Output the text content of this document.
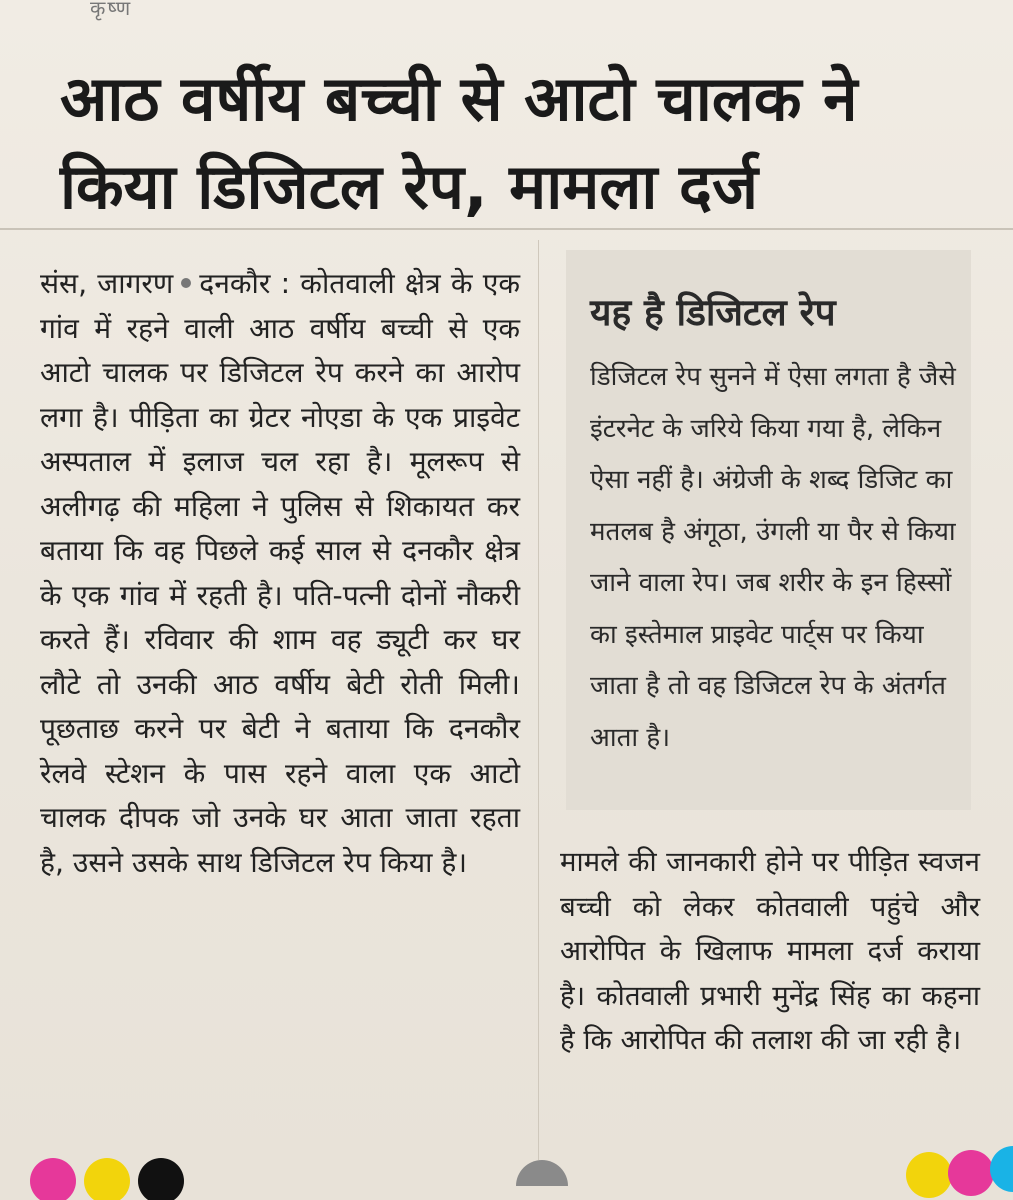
कृष्ण
आठ वर्षीय बच्ची से आटो चालक ने
किया डिजिटल रेप, मामला दर्ज
संस, जागरण दनकौर : कोतवाली क्षेत्र के एक गांव में रहने वाली आठ वर्षीय बच्ची से एक आटो चालक पर डिजिटल रेप करने का आरोप लगा है। पीड़िता का ग्रेटर नोएडा के एक प्राइवेट अस्पताल में इलाज चल रहा है। मूलरूप से अलीगढ़ की महिला ने पुलिस से शिकायत कर बताया कि वह पिछले कई साल से दनकौर क्षेत्र के एक गांव में रहती है। पति-पत्नी दोनों नौकरी करते हैं। रविवार की शाम वह ड्यूटी कर घर लौटे तो उनकी आठ वर्षीय बेटी रोती मिली। पूछताछ करने पर बेटी ने बताया कि दनकौर रेलवे स्टेशन के पास रहने वाला एक आटो चालक दीपक जो उनके घर आता जाता रहता है, उसने उसके साथ डिजिटल रेप किया है।
यह है डिजिटल रेप
डिजिटल रेप सुनने में ऐसा लगता है जैसे इंटरनेट के जरिये किया गया है, लेकिन ऐसा नहीं है। अंग्रेजी के शब्द डिजिट का मतलब है अंगूठा, उंगली या पैर से किया जाने वाला रेप। जब शरीर के इन हिस्सों का इस्तेमाल प्राइवेट पार्ट्स पर किया जाता है तो वह डिजिटल रेप के अंतर्गत आता है।
मामले की जानकारी होने पर पीड़ित स्वजन बच्ची को लेकर कोतवाली पहुंचे और आरोपित के खिलाफ मामला दर्ज कराया है। कोतवाली प्रभारी मुनेंद्र सिंह का कहना है कि आरोपित की तलाश की जा रही है।
